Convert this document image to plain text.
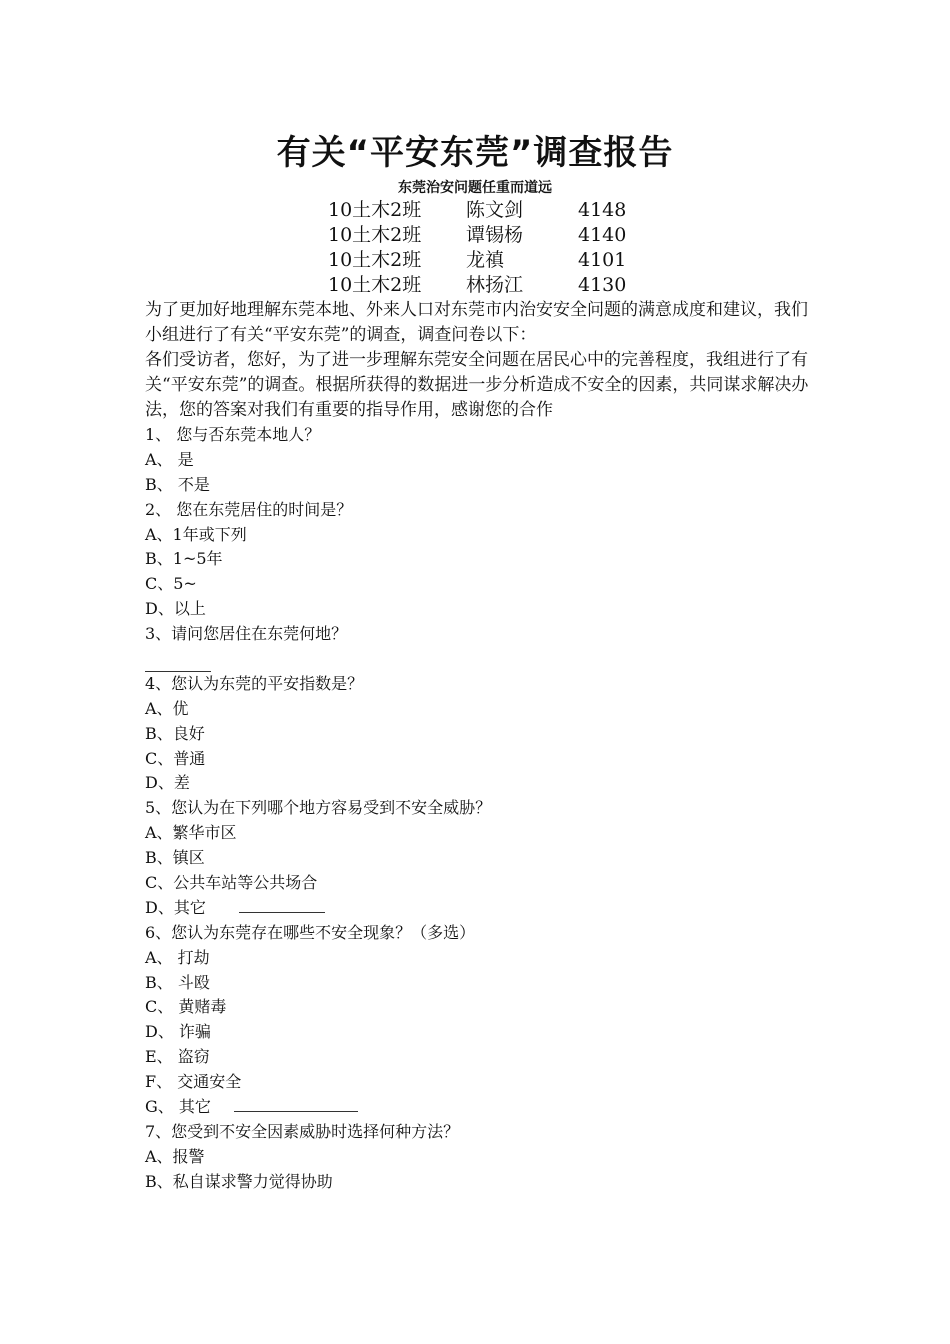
有关“平安东莞”调查报告
东莞治安问题任重而道远
10土木2班 陈文剑	4148
10土木2班 谭锡杨	4140
10土木2班 龙禛	4101
10土木2班 林扬江	4130

为了更加好地理解东莞本地、外来人口对东莞市内治安安全问题的满意成度和建议，我们小组进行了有关“平安东莞”的调查，调查问卷以下：

各们受访者，您好，为了进一步理解东莞安全问题在居民心中的完善程度，我组进行了有关“平安东莞”的调查。根据所获得的数据进一步分析造成不安全的因素，共同谋求解决办法，您的答案对我们有重要的指导作用，感谢您的合作

1、 您与否东莞本地人？
A、 是
B、 不是
2、 您在东莞居住的时间是？
A、1年或下列
B、1~5年
C、5~
D、以上
3、请问您居住在东莞何地？
4、您认为东莞的平安指数是？
A、优
B、良好
C、普通
D、差
5、您认为在下列哪个地方容易受到不安全威胁？
A、繁华市区
B、镇区
C、公共车站等公共场合
D、其它
6、您认为东莞存在哪些不安全现象？（多选）
A、 打劫
B、 斗殴
C、 黄赌毒
D、 诈骗
E、 盗窃
F、 交通安全
G、 其它
7、您受到不安全因素威胁时选择何种方法？
A、报警
B、私自谋求警力觉得协助
